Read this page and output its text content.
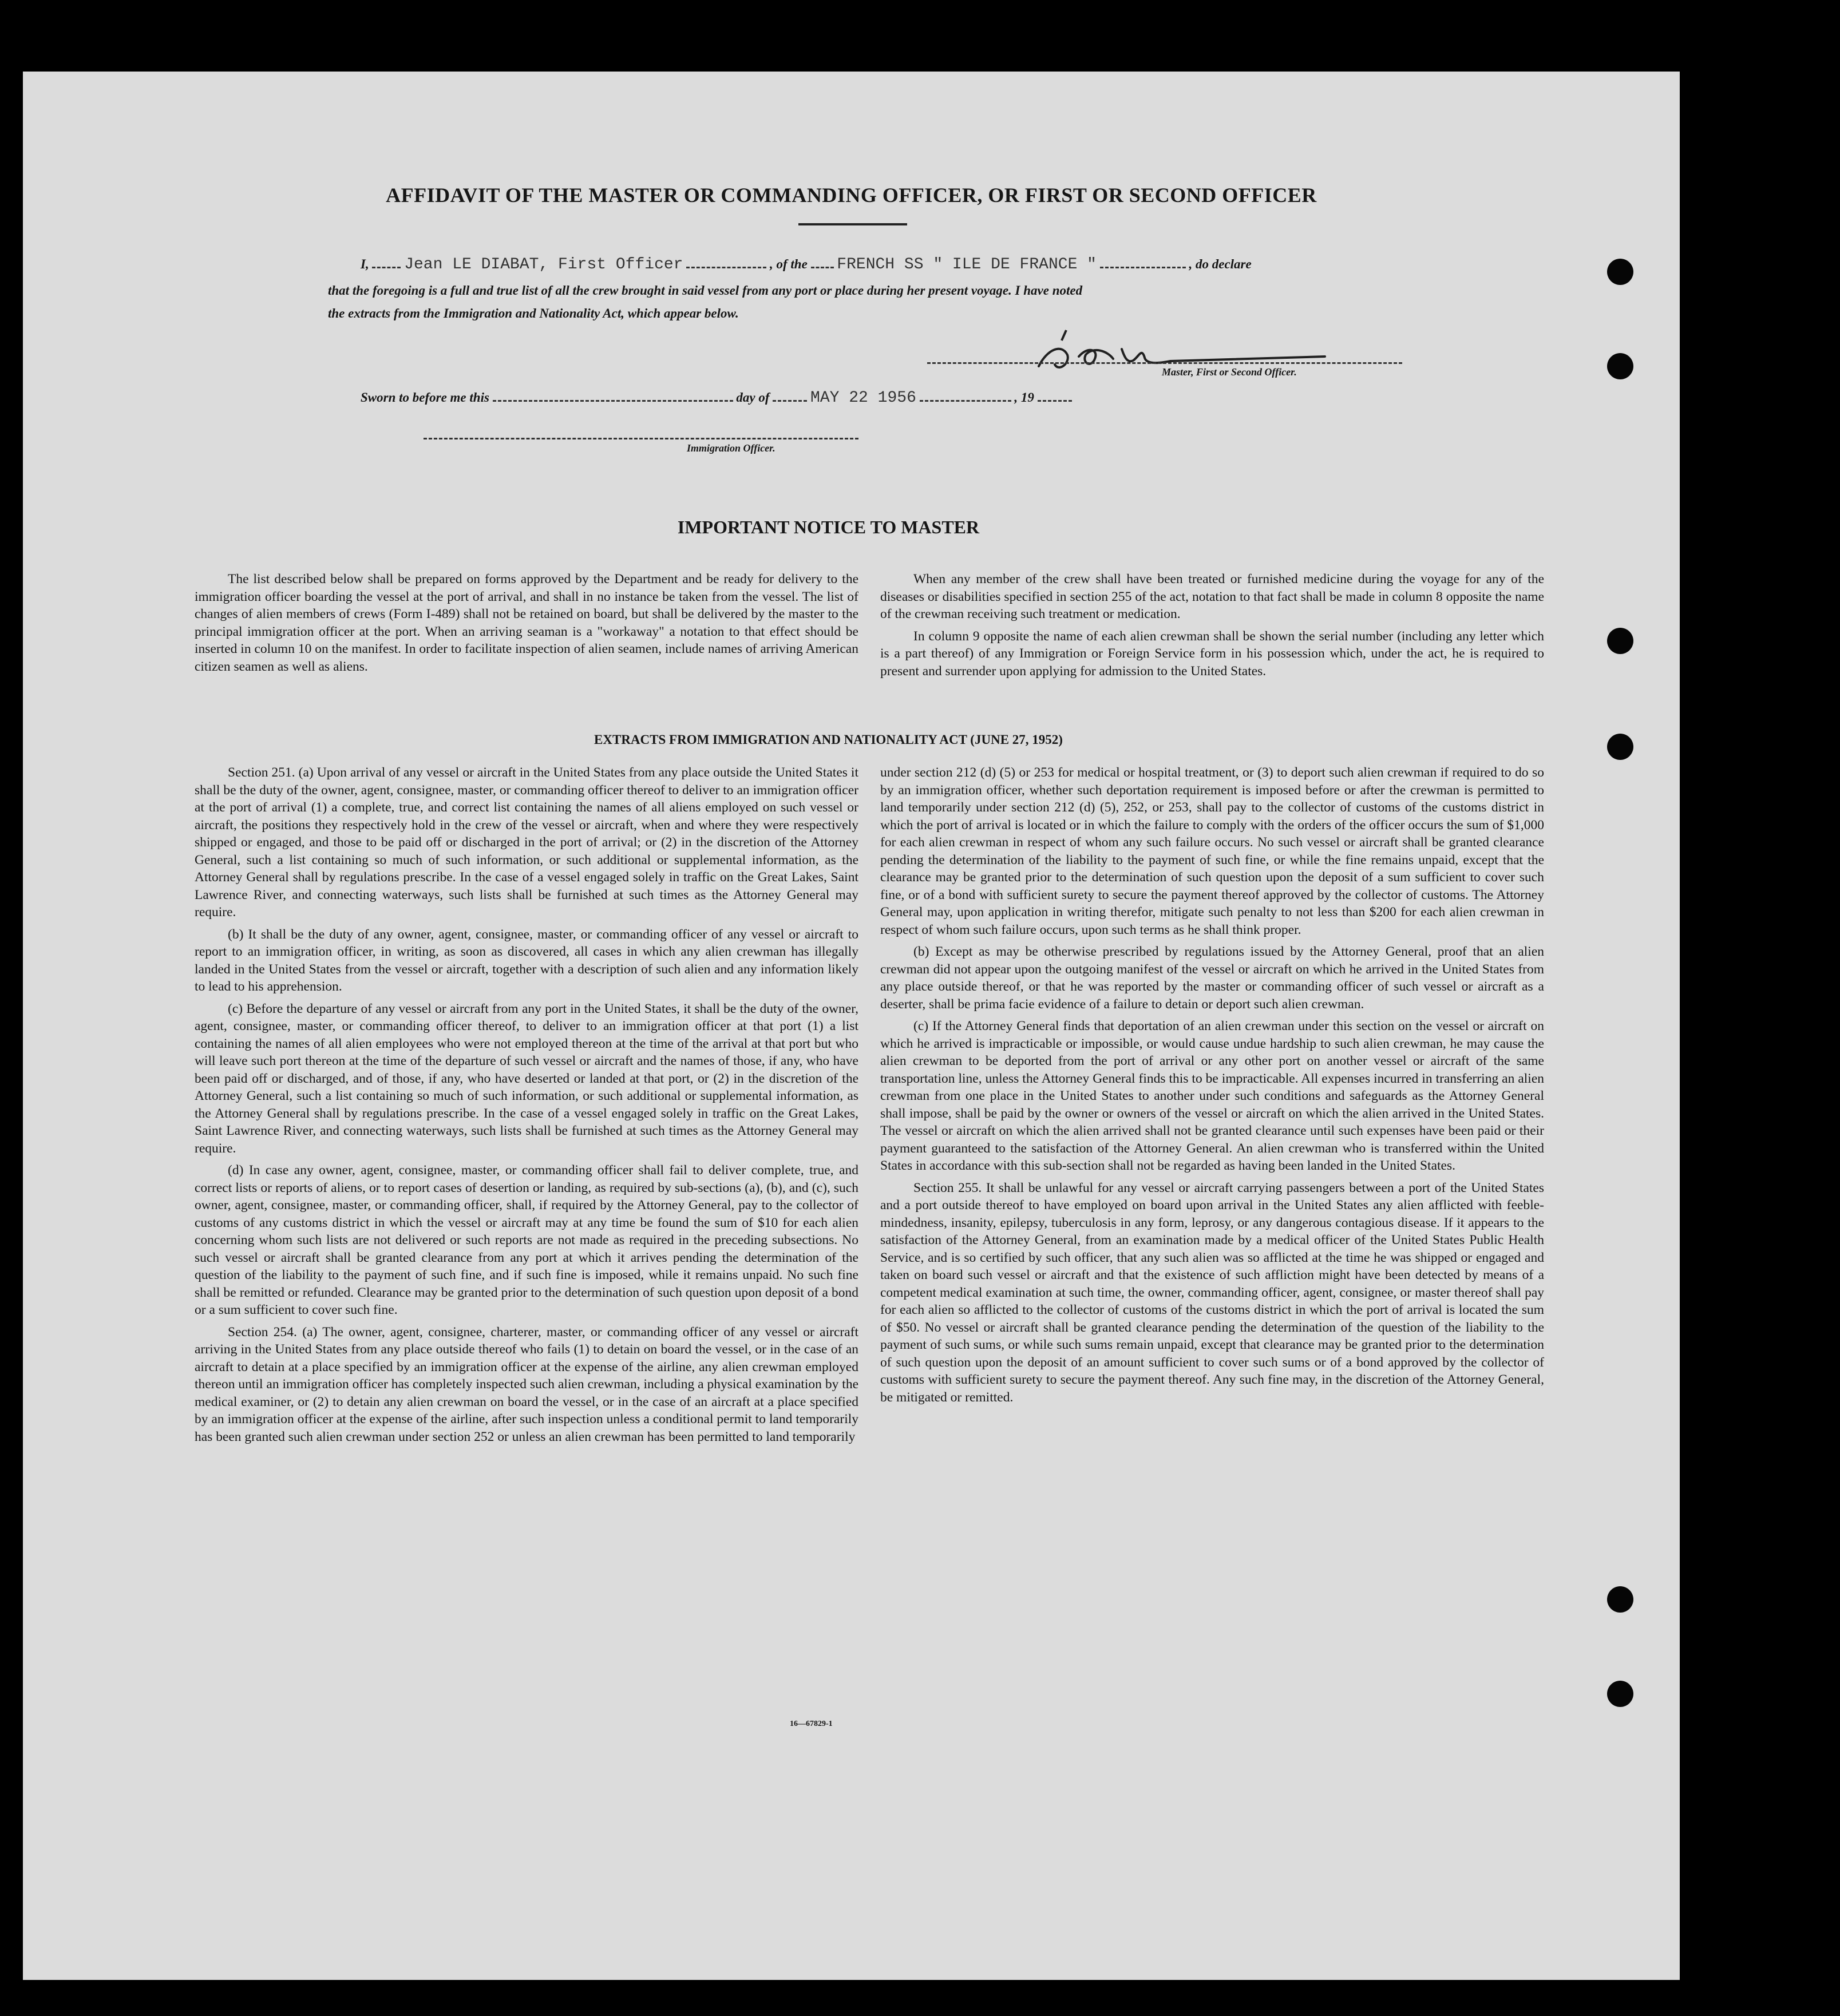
AFFIDAVIT OF THE MASTER OR COMMANDING OFFICER, OR FIRST OR SECOND OFFICER
I, Jean LE DIABAT, First Officer	, of the FRENCH SS " ILE DE FRANCE "	, do declare
that the foregoing is a full and true list of all the crew brought in said vessel from any port or place during her present voyage. I have noted
the extracts from the Immigration and Nationality Act, which appear below.
Master, First or Second Officer.
Sworn to before me this	day of	MAY 22 1956	, 19
Immigration Officer.
IMPORTANT NOTICE TO MASTER

The list described below shall be prepared on forms approved by the Department and be ready for delivery to the immigration officer boarding the vessel at the port of arrival, and shall in no instance be taken from the vessel. The list of changes of alien members of crews (Form I-489) shall not be retained on board, but shall be delivered by the master to the principal immigration officer at the port. When an arriving seaman is a "workaway" a notation to that effect should be inserted in column 10 on the manifest. In order to facilitate inspection of alien seamen, include names of arriving American citizen seamen as well as aliens.

When any member of the crew shall have been treated or furnished medicine during the voyage for any of the diseases or disabilities specified in section 255 of the act, notation to that fact shall be made in column 8 opposite the name of the crewman receiving such treatment or medication.

In column 9 opposite the name of each alien crewman shall be shown the serial number (including any letter which is a part thereof) of any Immigration or Foreign Service form in his possession which, under the act, he is required to present and surrender upon applying for admission to the United States.

EXTRACTS FROM IMMIGRATION AND NATIONALITY ACT (JUNE 27, 1952)

Section 251. (a) Upon arrival of any vessel or aircraft in the United States from any place outside the United States it shall be the duty of the owner, agent, consignee, master, or commanding officer thereof to deliver to an immigration officer at the port of arrival (1) a complete, true, and correct list containing the names of all aliens employed on such vessel or aircraft, the positions they respectively hold in the crew of the vessel or aircraft, when and where they were respectively shipped or engaged, and those to be paid off or discharged in the port of arrival; or (2) in the discretion of the Attorney General, such a list containing so much of such information, or such additional or supplemental information, as the Attorney General shall by regulations prescribe. In the case of a vessel engaged solely in traffic on the Great Lakes, Saint Lawrence River, and connecting waterways, such lists shall be furnished at such times as the Attorney General may require.

(b) It shall be the duty of any owner, agent, consignee, master, or commanding officer of any vessel or aircraft to report to an immigration officer, in writing, as soon as discovered, all cases in which any alien crewman has illegally landed in the United States from the vessel or aircraft, together with a description of such alien and any information likely to lead to his apprehension.

(c) Before the departure of any vessel or aircraft from any port in the United States, it shall be the duty of the owner, agent, consignee, master, or commanding officer thereof, to deliver to an immigration officer at that port (1) a list containing the names of all alien employees who were not employed thereon at the time of the arrival at that port but who will leave such port thereon at the time of the departure of such vessel or aircraft and the names of those, if any, who have been paid off or discharged, and of those, if any, who have deserted or landed at that port, or (2) in the discretion of the Attorney General, such a list containing so much of such information, or such additional or supplemental information, as the Attorney General shall by regulations prescribe. In the case of a vessel engaged solely in traffic on the Great Lakes, Saint Lawrence River, and connecting waterways, such lists shall be furnished at such times as the Attorney General may require.

(d) In case any owner, agent, consignee, master, or commanding officer shall fail to deliver complete, true, and correct lists or reports of aliens, or to report cases of desertion or landing, as required by sub-sections (a), (b), and (c), such owner, agent, consignee, master, or commanding officer, shall, if required by the Attorney General, pay to the collector of customs of any customs district in which the vessel or aircraft may at any time be found the sum of $10 for each alien concerning whom such lists are not delivered or such reports are not made as required in the preceding subsections. No such vessel or aircraft shall be granted clearance from any port at which it arrives pending the determination of the question of the liability to the payment of such fine, and if such fine is imposed, while it remains unpaid. No such fine shall be remitted or refunded. Clearance may be granted prior to the determination of such question upon deposit of a bond or a sum sufficient to cover such fine.

Section 254. (a) The owner, agent, consignee, charterer, master, or commanding officer of any vessel or aircraft arriving in the United States from any place outside thereof who fails (1) to detain on board the vessel, or in the case of an aircraft to detain at a place specified by an immigration officer at the expense of the airline, any alien crewman employed thereon until an immigration officer has completely inspected such alien crewman, including a physical examination by the medical examiner, or (2) to detain any alien crewman on board the vessel, or in the case of an aircraft at a place specified by an immigration officer at the expense of the airline, after such inspection unless a conditional permit to land temporarily has been granted such alien crewman under section 252 or unless an alien crewman has been permitted to land temporarily

under section 212 (d) (5) or 253 for medical or hospital treatment, or (3) to deport such alien crewman if required to do so by an immigration officer, whether such deportation requirement is imposed before or after the crewman is permitted to land temporarily under section 212 (d) (5), 252, or 253, shall pay to the collector of customs of the customs district in which the port of arrival is located or in which the failure to comply with the orders of the officer occurs the sum of $1,000 for each alien crewman in respect of whom any such failure occurs. No such vessel or aircraft shall be granted clearance pending the determination of the liability to the payment of such fine, or while the fine remains unpaid, except that the clearance may be granted prior to the determination of such question upon the deposit of a sum sufficient to cover such fine, or of a bond with sufficient surety to secure the payment thereof approved by the collector of customs. The Attorney General may, upon application in writing therefor, mitigate such penalty to not less than $200 for each alien crewman in respect of whom such failure occurs, upon such terms as he shall think proper.

(b) Except as may be otherwise prescribed by regulations issued by the Attorney General, proof that an alien crewman did not appear upon the outgoing manifest of the vessel or aircraft on which he arrived in the United States from any place outside thereof, or that he was reported by the master or commanding officer of such vessel or aircraft as a deserter, shall be prima facie evidence of a failure to detain or deport such alien crewman.

(c) If the Attorney General finds that deportation of an alien crewman under this section on the vessel or aircraft on which he arrived is impracticable or impossible, or would cause undue hardship to such alien crewman, he may cause the alien crewman to be deported from the port of arrival or any other port on another vessel or aircraft of the same transportation line, unless the Attorney General finds this to be impracticable. All expenses incurred in transferring an alien crewman from one place in the United States to another under such conditions and safeguards as the Attorney General shall impose, shall be paid by the owner or owners of the vessel or aircraft on which the alien arrived in the United States. The vessel or aircraft on which the alien arrived shall not be granted clearance until such expenses have been paid or their payment guaranteed to the satisfaction of the Attorney General. An alien crewman who is transferred within the United States in accordance with this sub-section shall not be regarded as having been landed in the United States.

Section 255. It shall be unlawful for any vessel or aircraft carrying passengers between a port of the United States and a port outside thereof to have employed on board upon arrival in the United States any alien afflicted with feeble-mindedness, insanity, epilepsy, tuberculosis in any form, leprosy, or any dangerous contagious disease. If it appears to the satisfaction of the Attorney General, from an examination made by a medical officer of the United States Public Health Service, and is so certified by such officer, that any such alien was so afflicted at the time he was shipped or engaged and taken on board such vessel or aircraft and that the existence of such affliction might have been detected by means of a competent medical examination at such time, the owner, commanding officer, agent, consignee, or master thereof shall pay for each alien so afflicted to the collector of customs of the customs district in which the port of arrival is located the sum of $50. No vessel or aircraft shall be granted clearance pending the determination of the question of the liability to the payment of such sums, or while such sums remain unpaid, except that clearance may be granted prior to the determination of such question upon the deposit of an amount sufficient to cover such sums or of a bond approved by the collector of customs with sufficient surety to secure the payment thereof. Any such fine may, in the discretion of the Attorney General, be mitigated or remitted.

16—67829-1
